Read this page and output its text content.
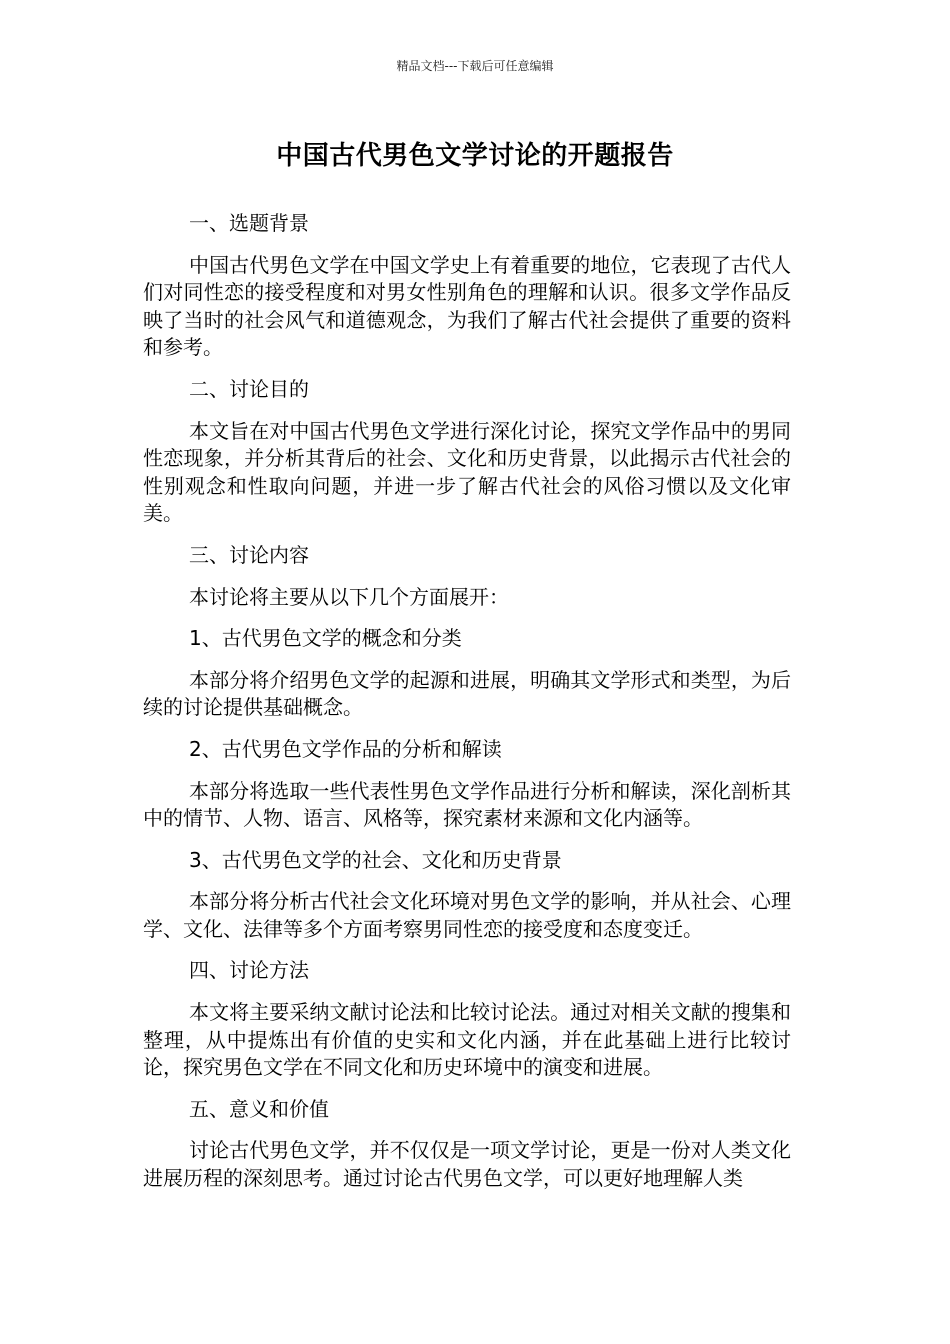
精品文档---下载后可任意编辑
中国古代男色文学讨论的开题报告

一、选题背景

中国古代男色文学在中国文学史上有着重要的地位，它表现了古代人们对同性恋的接受程度和对男女性别角色的理解和认识。很多文学作品反映了当时的社会风气和道德观念，为我们了解古代社会提供了重要的资料和参考。

二、讨论目的

本文旨在对中国古代男色文学进行深化讨论，探究文学作品中的男同性恋现象，并分析其背后的社会、文化和历史背景，以此揭示古代社会的性别观念和性取向问题，并进一步了解古代社会的风俗习惯以及文化审美。

三、讨论内容

本讨论将主要从以下几个方面展开：

1、古代男色文学的概念和分类

本部分将介绍男色文学的起源和进展，明确其文学形式和类型，为后续的讨论提供基础概念。

2、古代男色文学作品的分析和解读

本部分将选取一些代表性男色文学作品进行分析和解读，深化剖析其中的情节、人物、语言、风格等，探究素材来源和文化内涵等。

3、古代男色文学的社会、文化和历史背景

本部分将分析古代社会文化环境对男色文学的影响，并从社会、心理学、文化、法律等多个方面考察男同性恋的接受度和态度变迁。

四、讨论方法

本文将主要采纳文献讨论法和比较讨论法。通过对相关文献的搜集和整理，从中提炼出有价值的史实和文化内涵，并在此基础上进行比较讨论，探究男色文学在不同文化和历史环境中的演变和进展。

五、意义和价值

讨论古代男色文学，并不仅仅是一项文学讨论，更是一份对人类文化进展历程的深刻思考。通过讨论古代男色文学，可以更好地理解人类
